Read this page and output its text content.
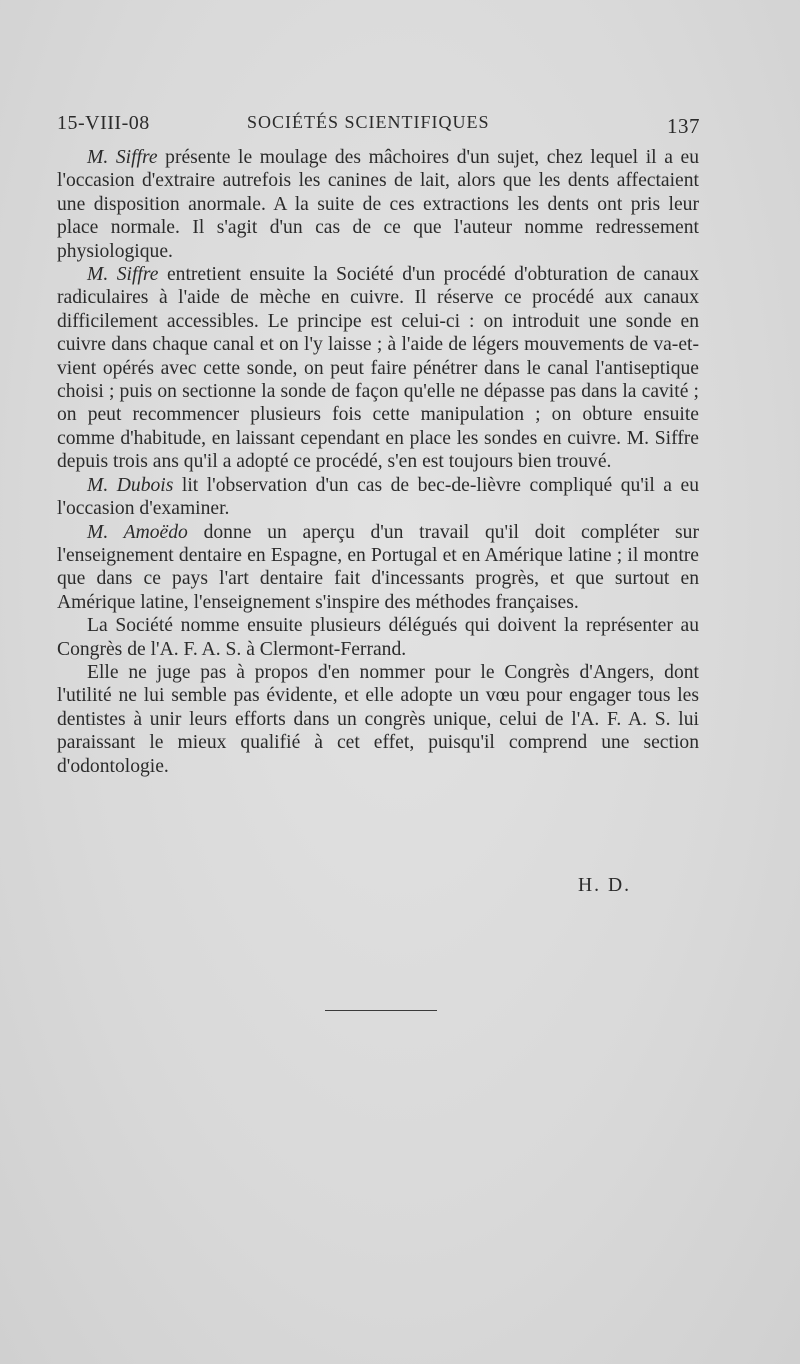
15-VIII-08	SOCIÉTÉS SCIENTIFIQUES	137

M. Siffre présente le moulage des mâchoires d'un sujet, chez lequel il a eu l'occasion d'extraire autrefois les canines de lait, alors que les dents affectaient une disposition anormale. A la suite de ces extractions les dents ont pris leur place normale. Il s'agit d'un cas de ce que l'auteur nomme redressement physiologique.

M. Siffre entretient ensuite la Société d'un procédé d'obturation de canaux radiculaires à l'aide de mèche en cuivre. Il réserve ce procédé aux canaux difficilement accessibles. Le principe est celui-ci : on introduit une sonde en cuivre dans chaque canal et on l'y laisse ; à l'aide de légers mouvements de va-et-vient opérés avec cette sonde, on peut faire pénétrer dans le canal l'antiseptique choisi ; puis on sectionne la sonde de façon qu'elle ne dépasse pas dans la cavité ; on peut recommencer plusieurs fois cette manipulation ; on obture ensuite comme d'habitude, en laissant cependant en place les sondes en cuivre. M. Siffre depuis trois ans qu'il a adopté ce procédé, s'en est toujours bien trouvé.

M. Dubois lit l'observation d'un cas de bec-de-lièvre compliqué qu'il a eu l'occasion d'examiner.

M. Amoëdo donne un aperçu d'un travail qu'il doit compléter sur l'enseignement dentaire en Espagne, en Portugal et en Amérique latine ; il montre que dans ce pays l'art dentaire fait d'incessants progrès, et que surtout en Amérique latine, l'enseignement s'inspire des méthodes françaises.

La Société nomme ensuite plusieurs délégués qui doivent la représenter au Congrès de l'A. F. A. S. à Clermont-Ferrand.

Elle ne juge pas à propos d'en nommer pour le Congrès d'Angers, dont l'utilité ne lui semble pas évidente, et elle adopte un vœu pour engager tous les dentistes à unir leurs efforts dans un congrès unique, celui de l'A. F. A. S. lui paraissant le mieux qualifié à cet effet, puisqu'il comprend une section d'odontologie.

H. D.
